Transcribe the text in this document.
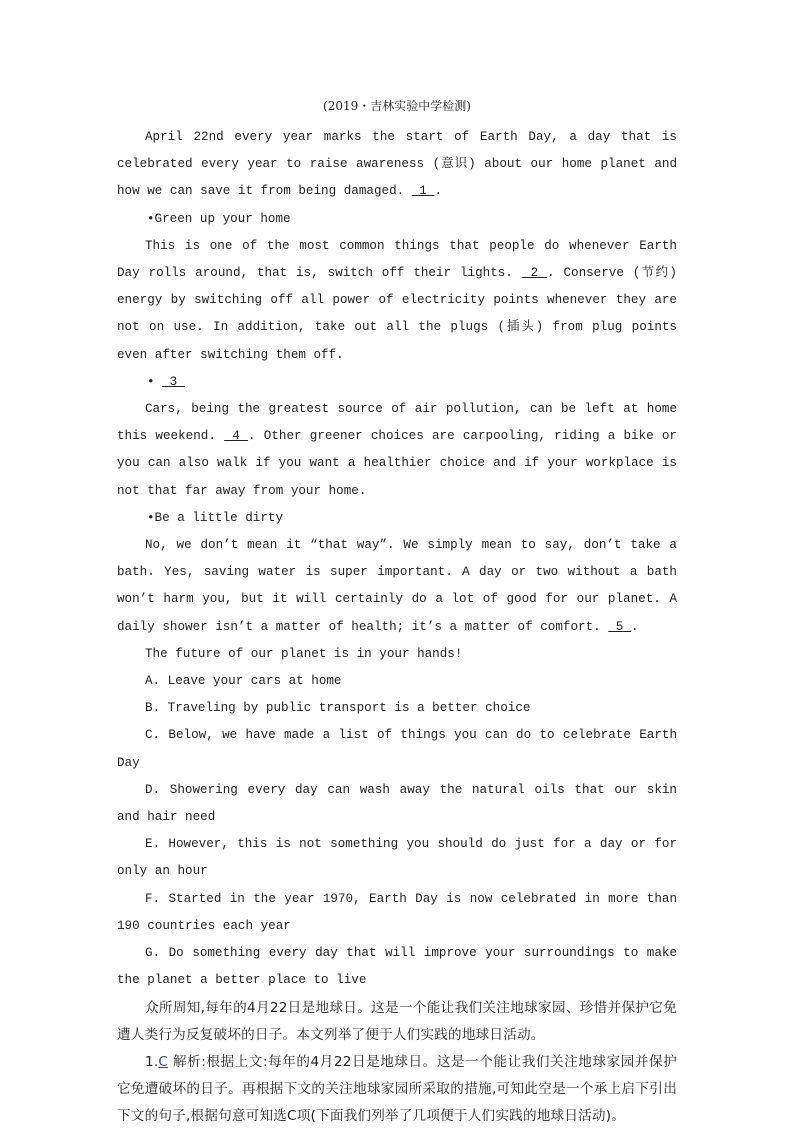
(2019・吉林实验中学检测)

April 22nd every year marks the start of Earth Day, a day that is celebrated every year to raise awareness (意识) about our home planet and how we can save it from being damaged.  1 .

•Green up your home

This is one of the most common things that people do whenever Earth Day rolls around, that is, switch off their lights.  2 . Conserve (节约) energy by switching off all power of electricity points whenever they are not on use. In addition, take out all the plugs (插头) from plug points even after switching them off.

•  3

Cars, being the greatest source of air pollution, can be left at home this weekend.  4 . Other greener choices are carpooling, riding a bike or you can also walk if you want a healthier choice and if your workplace is not that far away from your home.

•Be a little dirty

No, we don’t mean it “that way”. We simply mean to say, don’t take a bath. Yes, saving water is super important. A day or two without a bath won’t harm you, but it will certainly do a lot of good for our planet. A daily shower isn’t a matter of health; it’s a matter of comfort.  5 .

The future of our planet is in your hands!

A. Leave your cars at home

B. Traveling by public transport is a better choice

C. Below, we have made a list of things you can do to celebrate Earth Day

D. Showering every day can wash away the natural oils that our skin and hair need

E. However, this is not something you should do just for a day or for only an hour

F. Started in the year 1970, Earth Day is now celebrated in more than 190 countries each year

G. Do something every day that will improve your surroundings to make the planet a better place to live

众所周知,每年的4月22日是地球日。这是一个能让我们关注地球家园、珍惜并保护它免遭人类行为反复破坏的日子。本文列举了便于人们实践的地球日活动。

1.C 解析:根据上文:每年的4月22日是地球日。这是一个能让我们关注地球家园并保护它免遭破坏的日子。再根据下文的关注地球家园所采取的措施,可知此空是一个承上启下引出下文的句子,根据句意可知选C项(下面我们列举了几项便于人们实践的地球日活动)。
